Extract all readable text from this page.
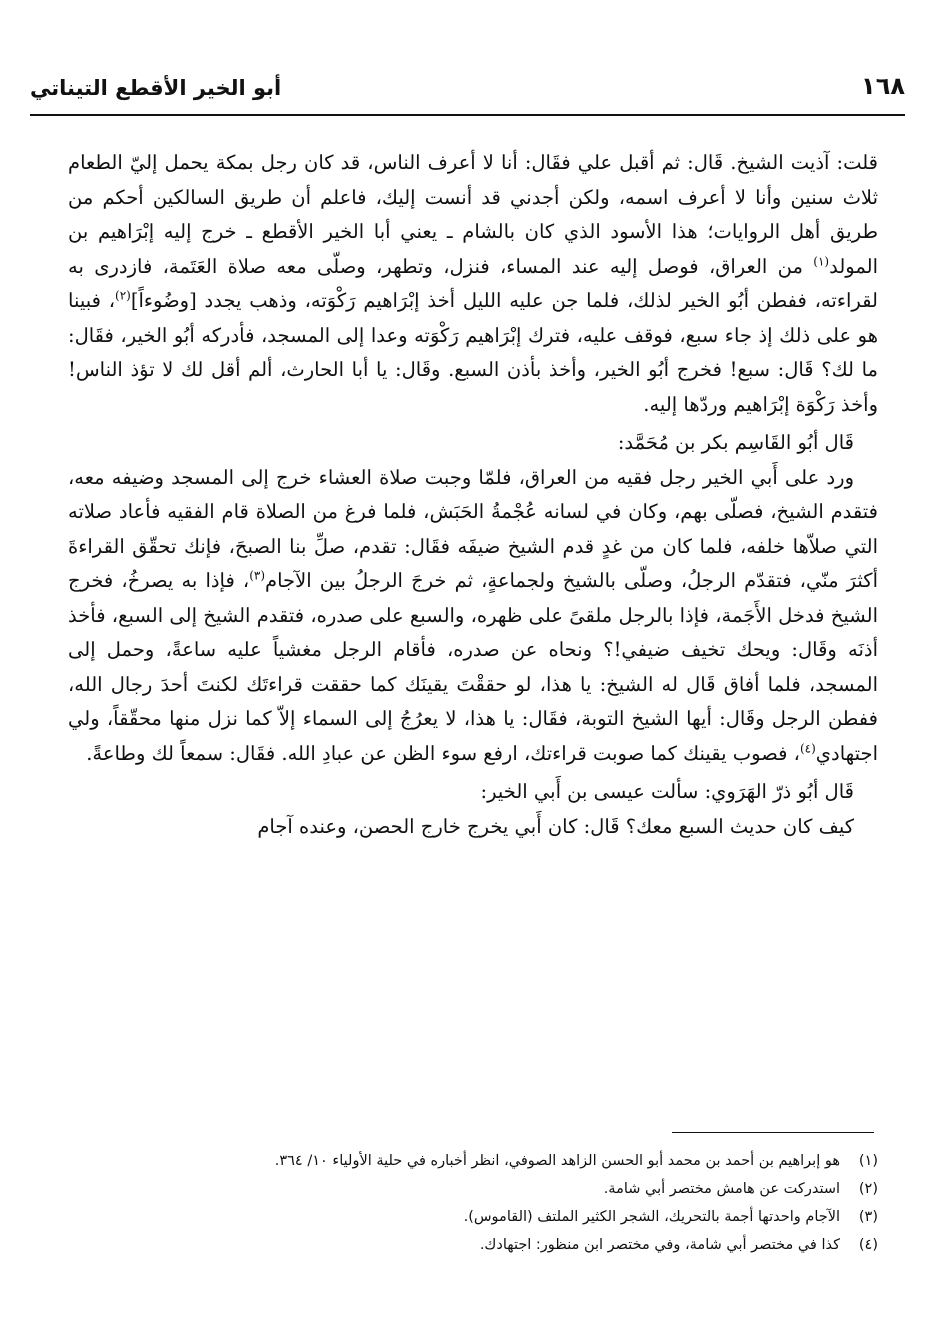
١٦٨
أبو الخير الأقطع التيناتي

قلت: آذيت الشيخ. قَال: ثم أقبل علي فقَال: أنا لا أعرف الناس، قد كان رجل بمكة يحمل إليّ الطعام ثلاث سنين وأنا لا أعرف اسمه، ولكن أجدني قد أنست إليك، فاعلم أن طريق السالكين أحكم من طريق أهل الروايات؛ هذا الأسود الذي كان بالشام ـ يعني أبا الخير الأقطع ـ خرج إليه إبْرَاهيم بن المولد$^{(١)}$ من العراق، فوصل إليه عند المساء، فنزل، وتطهر، وصلّى معه صلاة العَتَمة، فازدرى به لقراءته، ففطن أبُو الخير لذلك، فلما جن عليه الليل أخذ إبْرَاهيم رَكْوَته، وذهب يجدد [وضُوءاً]$^{(٢)}$، فبينا هو على ذلك إذ جاء سبع، فوقف عليه، فترك إبْرَاهيم رَكْوَته وعدا إلى المسجد، فأدركه أبُو الخير، فقَال: ما لك؟ قَال: سبع! فخرج أبُو الخير، وأخذ بأذن السبع. وقَال: يا أبا الحارث، ألم أقل لك لا تؤذ الناس! وأخذ رَكْوَة إبْرَاهيم وردّها إليه.

قَال أبُو القَاسِم بكر بن مُحَمَّد:

ورد على أَبي الخير رجل فقيه من العراق، فلمّا وجبت صلاة العشاء خرج إلى المسجد وضيفه معه، فتقدم الشيخ، فصلّى بهم، وكان في لسانه عُجْمةُ الحَبَش، فلما فرغ من الصلاة قام الفقيه فأعاد صلاته التي صلاّها خلفه، فلما كان من غدٍ قدم الشيخ ضيفَه فقَال: تقدم، صلِّ بنا الصبحَ، فإنك تحقّق القراءةَ أكثرَ منّي، فتقدّم الرجلُ، وصلّى بالشيخ ولجماعةٍ، ثم خرجَ الرجلُ بين الآجام$^{(٣)}$، فإذا به يصرخُ، فخرج الشيخ فدخل الأَجَمة، فإذا بالرجل ملقىً على ظهره، والسبع على صدره، فتقدم الشيخ إلى السبع، فأخذ أذنَه وقَال: ويحك تخيف ضيفي!؟ ونحاه عن صدره، فأقام الرجل مغشياً عليه ساعةً، وحمل إلى المسجد، فلما أفاق قَال له الشيخ: يا هذا، لو حققْتَ يقينَك كما حققت قراءتَك لكنتَ أحدَ رجال الله، ففطن الرجل وقَال: أيها الشيخ التوبة، فقَال: يا هذا، لا يعرُجُ إلى السماء إلاّ كما نزل منها محقّقاً، ولي اجتهادي$^{(٤)}$، فصوب يقينك كما صوبت قراءتك، ارفع سوء الظن عن عبادِ الله. فقَال: سمعاً لك وطاعةً.

قَال أبُو ذرّ الهَرَوي: سألت عيسى بن أَبي الخير:

كيف كان حديث السبع معك؟ قَال: كان أَبي يخرج خارج الحصن، وعنده آجام

(١)
هو إبراهيم بن أحمد بن محمد أبو الحسن الزاهد الصوفي، انظر أخباره في حلية الأولياء ١٠/ ٣٦٤.
(٢)
استدركت عن هامش مختصر أبي شامة.
(٣)
الآجام واحدتها أجمة بالتحريك، الشجر الكثير الملتف (القاموس).
(٤)
كذا في مختصر أبي شامة، وفي مختصر ابن منظور: اجتهادك.
